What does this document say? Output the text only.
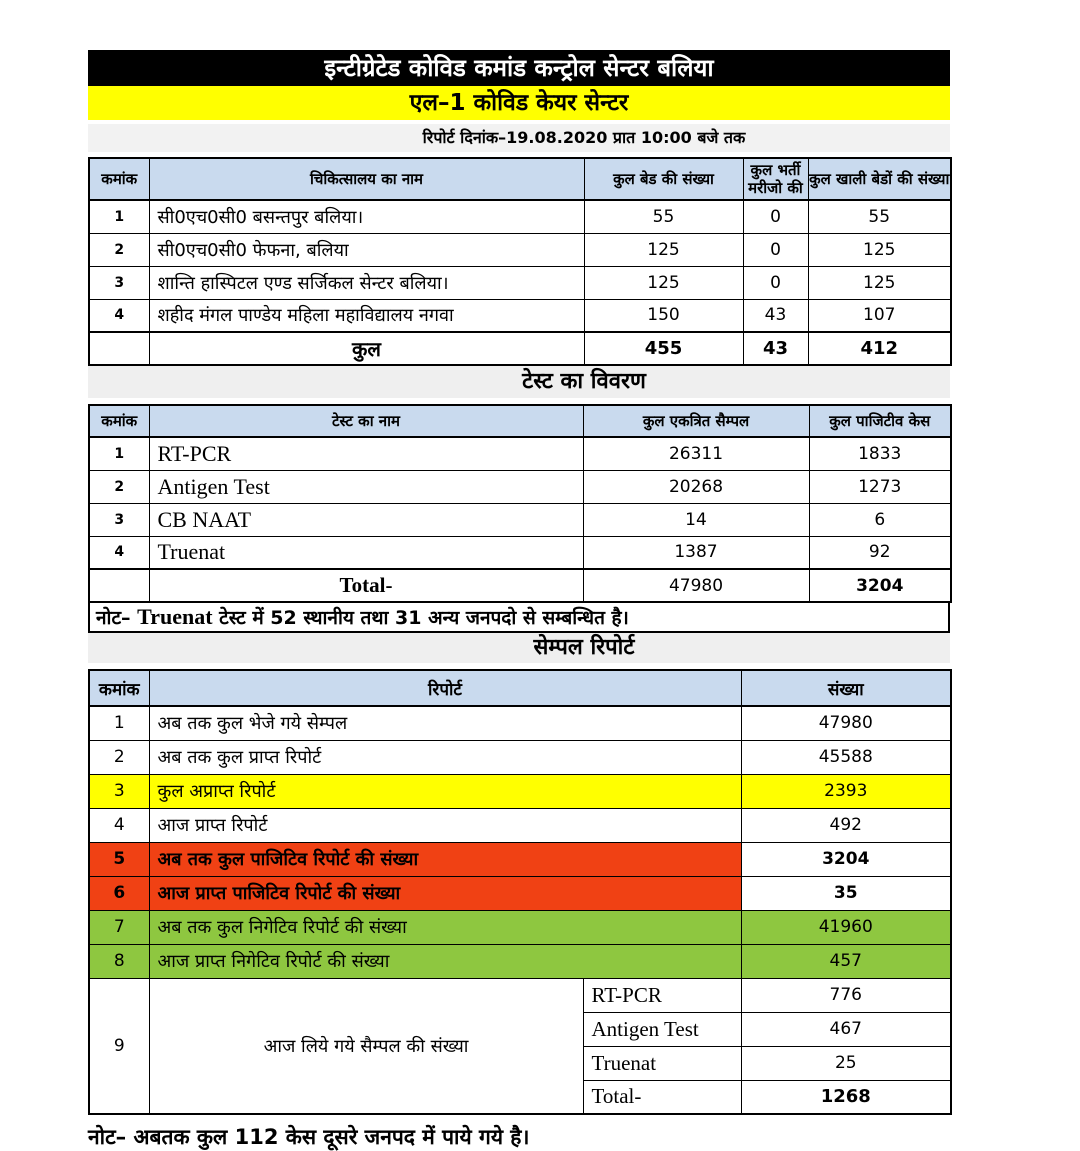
इन्टीग्रेटेड कोविड कमांड कन्ट्रोल सेन्टर बलिया
एल–1 कोविड केयर सेन्टर
रिपोर्ट दिनांक–19.08.2020 प्रात 10:00 बजे तक
कमांक	चिकित्सालय का नाम	कुल बेड की संख्या	कुल भर्ती मरीजो की	कुल खाली बेडों की संख्या
1	सी0एच0सी0 बसन्तपुर बलिया।	55	0	55
2	सी0एच0सी0 फेफना, बलिया	125	0	125
3	शान्ति हास्पिटल एण्ड सर्जिकल सेन्टर बलिया।	125	0	125
4	शहीद मंगल पाण्डेय महिला महाविद्यालय नगवा	150	43	107
	कुल	455	43	412
टेस्ट का विवरण
कमांक	टेस्ट का नाम	कुल एकत्रित सैम्पल	कुल पाजिटीव केस
1	RT-PCR	26311	1833
2	Antigen Test	20268	1273
3	CB NAAT	14	6
4	Truenat	1387	92
	Total-	47980	3204
नोट– Truenat टेस्ट में 52 स्थानीय तथा 31 अन्य जनपदो से सम्बन्धित है।
सेम्पल रिपोर्ट
कमांक	रिपोर्ट		संख्या
1	अब तक कुल भेजे गये सेम्पल		47980
2	अब तक कुल प्राप्त रिपोर्ट		45588
3	कुल अप्राप्त रिपोर्ट		2393
4	आज प्राप्त रिपोर्ट		492
5	अब तक कुल पाजिटिव रिपोर्ट की संख्या		3204
6	आज प्राप्त पाजिटिव रिपोर्ट की संख्या		35
7	अब तक कुल निगेटिव रिपोर्ट की संख्या		41960
8	आज प्राप्त निगेटिव रिपोर्ट की संख्या		457
9	आज लिये गये सैम्पल की संख्या	RT-PCR	776
		Antigen Test	467
		Truenat	25
		Total-	1268
नोट– अबतक कुल 112 केस दूसरे जनपद में पाये गये है।
